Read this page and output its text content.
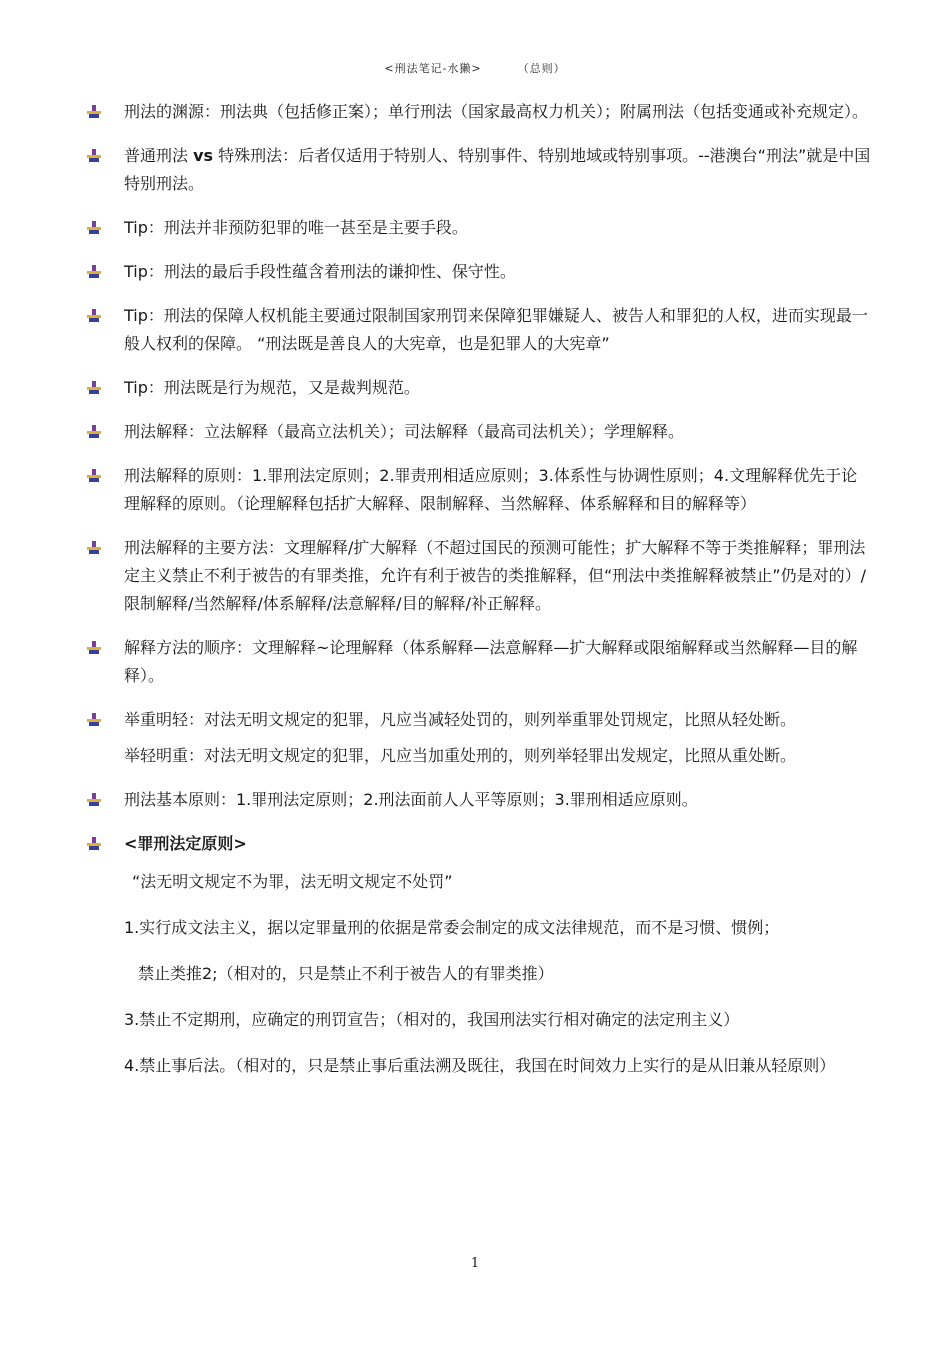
<刑法笔记-水獭>	（总则）
刑法的渊源：刑法典（包括修正案）；单行刑法（国家最高权力机关）；附属刑法（包括变通或补充规定）。
普通刑法 vs 特殊刑法：后者仅适用于特别人、特别事件、特别地域或特别事项。--港澳台“刑法”就是中国特别刑法。
Tip：刑法并非预防犯罪的唯一甚至是主要手段。
Tip：刑法的最后手段性蕴含着刑法的谦抑性、保守性。
Tip：刑法的保障人权机能主要通过限制国家刑罚来保障犯罪嫌疑人、被告人和罪犯的人权，进而实现最一般人权利的保障。 “刑法既是善良人的大宪章，也是犯罪人的大宪章”
Tip：刑法既是行为规范，又是裁判规范。
刑法解释：立法解释（最高立法机关）；司法解释（最高司法机关）；学理解释。
刑法解释的原则：1.罪刑法定原则；2.罪责刑相适应原则；3.体系性与协调性原则；4.文理解释优先于论理解释的原则。（论理解释包括扩大解释、限制解释、当然解释、体系解释和目的解释等）
刑法解释的主要方法：文理解释/扩大解释（不超过国民的预测可能性；扩大解释不等于类推解释；罪刑法定主义禁止不利于被告的有罪类推，允许有利于被告的类推解释，但“刑法中类推解释被禁止”仍是对的）/限制解释/当然解释/体系解释/法意解释/目的解释/补正解释。
解释方法的顺序：文理解释~论理解释（体系解释—法意解释—扩大解释或限缩解释或当然解释—目的解释）。
举重明轻：对法无明文规定的犯罪，凡应当减轻处罚的，则列举重罪处罚规定，比照从轻处断。
举轻明重：对法无明文规定的犯罪，凡应当加重处刑的，则列举轻罪出发规定，比照从重处断。
刑法基本原则：1.罪刑法定原则；2.刑法面前人人平等原则；3.罪刑相适应原则。
<罪刑法定原则>
“法无明文规定不为罪，法无明文规定不处罚”
1.实行成文法主义，据以定罪量刑的依据是常委会制定的成文法律规范，而不是习惯、惯例；
禁止类推2;（相对的，只是禁止不利于被告人的有罪类推）
3.禁止不定期刑，应确定的刑罚宣告；（相对的，我国刑法实行相对确定的法定刑主义）
4.禁止事后法。（相对的，只是禁止事后重法溯及既往，我国在时间效力上实行的是从旧兼从轻原则）
1
